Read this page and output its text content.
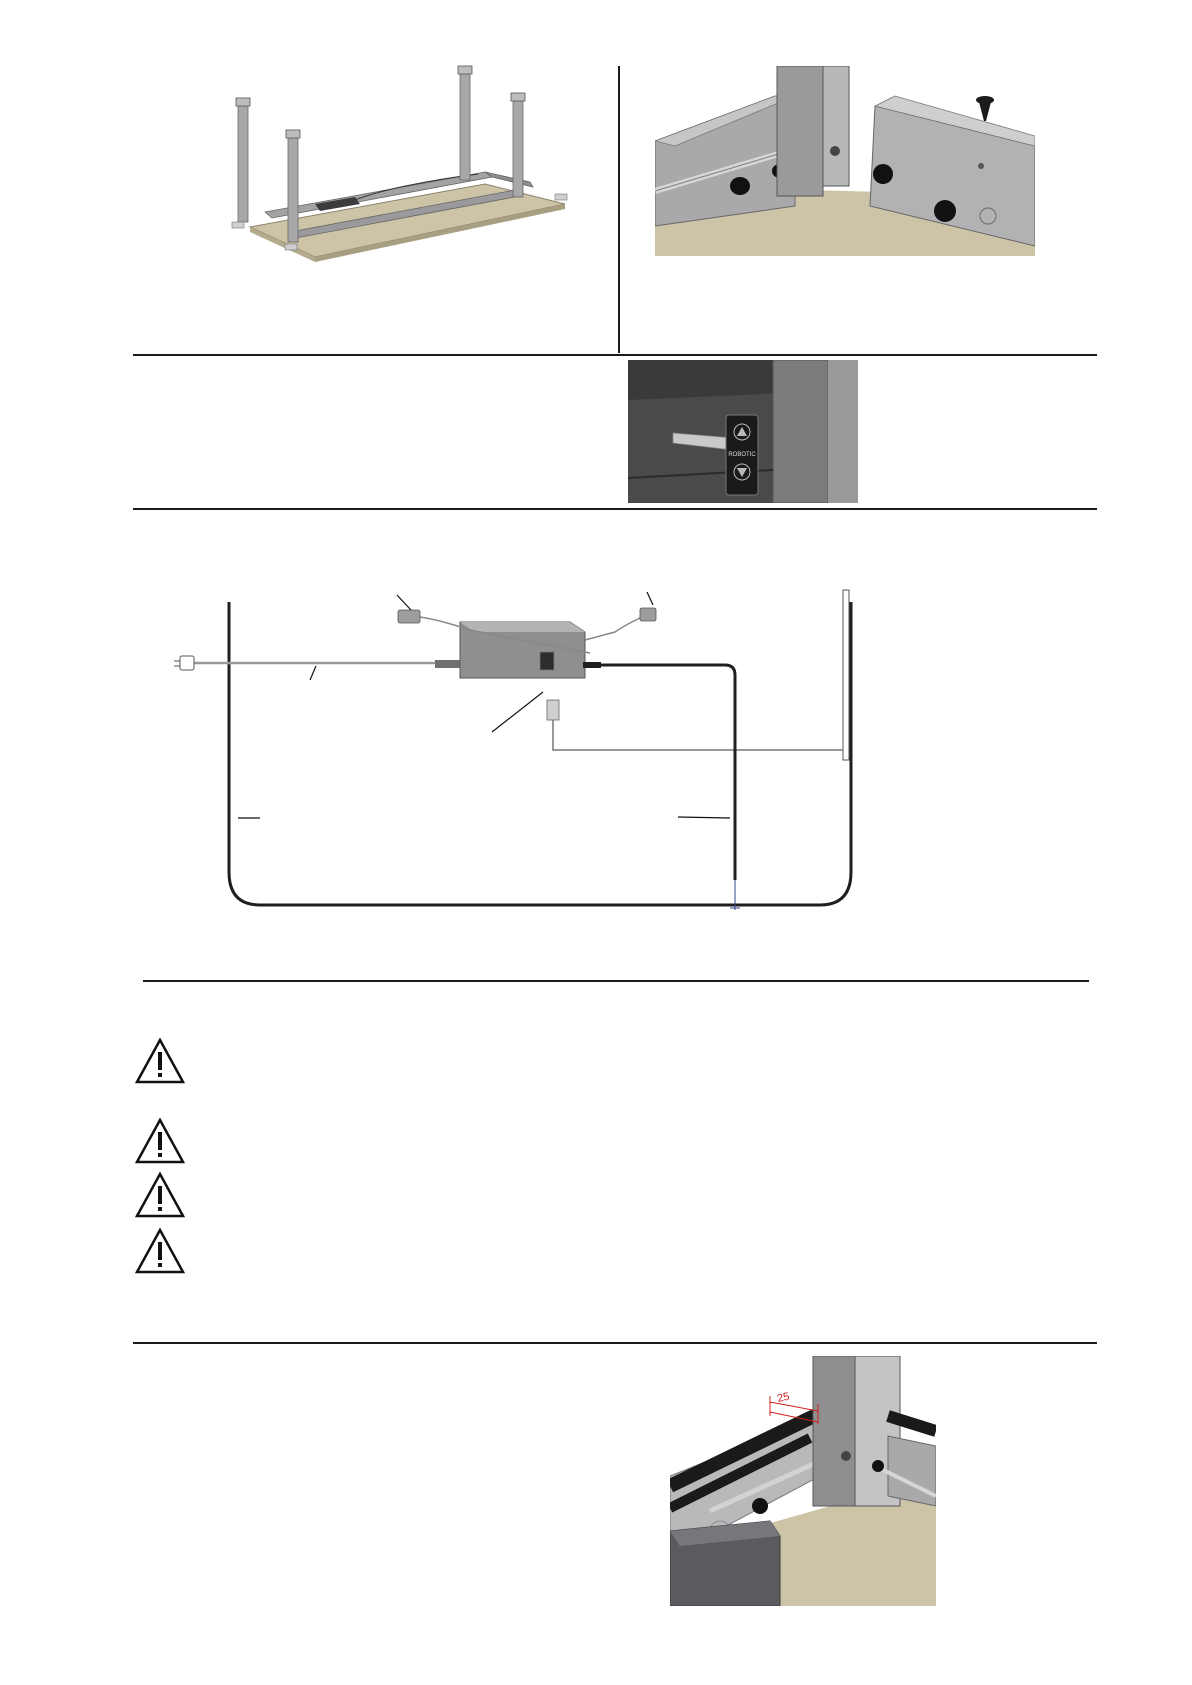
ROBOTIC
25
